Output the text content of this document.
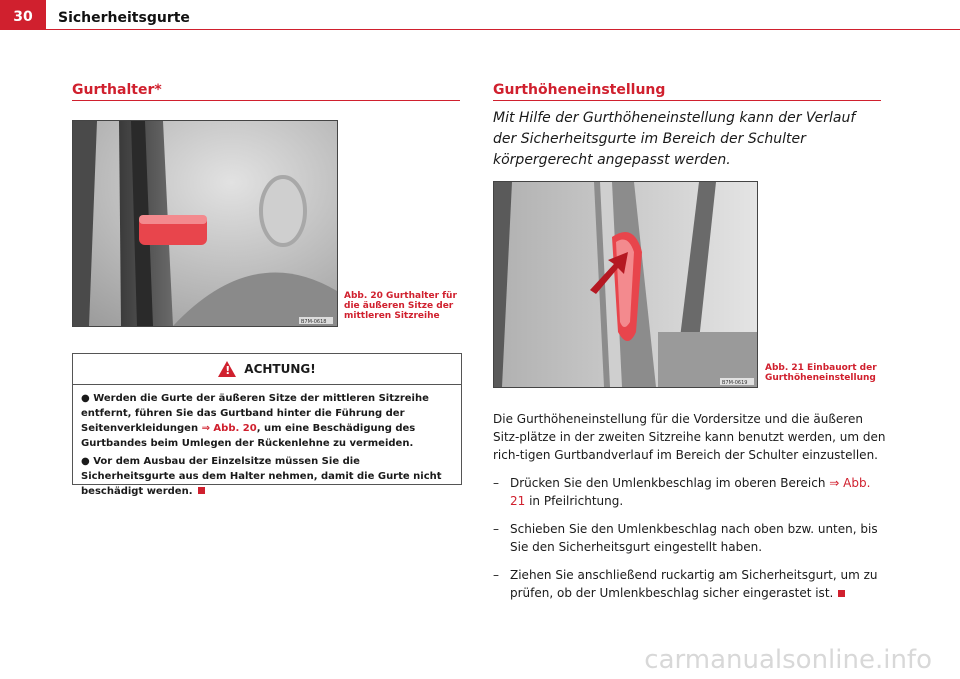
30	Sicherheitsgurte
Gurthalter*
B7M-0618
Abb. 20 Gurthalter für die äußeren Sitze der mittleren Sitzreihe
! ACHTUNG!

● Werden die Gurte der äußeren Sitze der mittleren Sitzreihe entfernt, führen Sie das Gurtband hinter die Führung der Seitenverkleidungen ⇒ Abb. 20, um eine Beschädigung des Gurtbandes beim Umlegen der Rückenlehne zu vermeiden.

● Vor dem Ausbau der Einzelsitze müssen Sie die Sicherheitsgurte aus dem Halter nehmen, damit die Gurte nicht beschädigt werden.

Gurthöheneinstellung
Mit Hilfe der Gurthöheneinstellung kann der Verlauf der Sicherheitsgurte im Bereich der Schulter körpergerecht angepasst werden.
B7M-0619
Abb. 21 Einbauort der Gurthöheneinstellung

Die Gurthöheneinstellung für die Vordersitze und die äußeren Sitz-plätze in der zweiten Sitzreihe kann benutzt werden, um den rich-tigen Gurtbandverlauf im Bereich der Schulter einzustellen.

– Drücken Sie den Umlenkbeschlag im oberen Bereich ⇒ Abb. 21 in Pfeilrichtung.
– Schieben Sie den Umlenkbeschlag nach oben bzw. unten, bis Sie den Sicherheitsgurt eingestellt haben.
– Ziehen Sie anschließend ruckartig am Sicherheitsgurt, um zu prüfen, ob der Umlenkbeschlag sicher eingerastet ist.
carmanualsonline.info
